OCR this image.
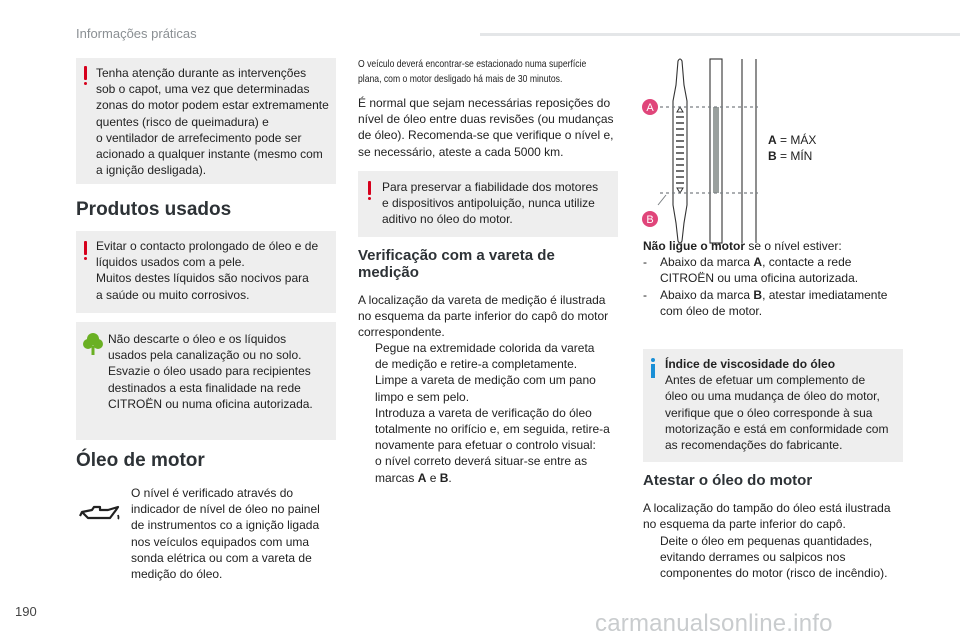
Informações práticas
190	carmanualsonline.info
Tenha atenção durante as intervenções
sob o capot, uma vez que determinadas
zonas do motor podem estar extremamente
quentes (risco de queimadura) e
o ventilador de arrefecimento pode ser
acionado a qualquer instante (mesmo com
a ignição desligada).
Produtos usados
Evitar o contacto prolongado de óleo e de
líquidos usados com a pele.
Muitos destes líquidos são nocivos para
a saúde ou muito corrosivos.
Não descarte o óleo e os líquidos
usados pela canalização ou no solo.
Esvazie o óleo usado para recipientes
destinados a esta finalidade na rede
CITROËN ou numa oficina autorizada.
Óleo de motor
O nível é verificado através do
indicador de nível de óleo no painel
de instrumentos co a ignição ligada
nos veículos equipados com uma
sonda elétrica ou com a vareta de
medição do óleo.
O veículo deverá encontrar-se estacionado numa superfície
plana, com o motor desligado há mais de 30 minutos.
É normal que sejam necessárias reposições do
nível de óleo entre duas revisões (ou mudanças
de óleo). Recomenda-se que verifique o nível e,
se necessário, ateste a cada 5000 km.
Para preservar a fiabilidade dos motores
e dispositivos antipoluição, nunca utilize
aditivo no óleo do motor.
Verificação com a vareta de
medição
A localização da vareta de medição é ilustrada
no esquema da parte inferior do capô do motor
correspondente.
Pegue na extremidade colorida da vareta
de medição e retire-a completamente.
Limpe a vareta de medição com um pano
limpo e sem pelo.
Introduza a vareta de verificação do óleo
totalmente no orifício e, em seguida, retire-a
novamente para efetuar o controlo visual:
o nível correto deverá situar-se entre as
marcas A e B.
A
B
A = MÁX
B = MÍN
Não ligue o motor se o nível estiver:
- Abaixo da marca A, contacte a rede
CITROËN ou uma oficina autorizada.
- Abaixo da marca B, atestar imediatamente
com óleo de motor.
Índice de viscosidade do óleo
Antes de efetuar um complemento de
óleo ou uma mudança de óleo do motor,
verifique que o óleo corresponde à sua
motorização e está em conformidade com
as recomendações do fabricante.
Atestar o óleo do motor
A localização do tampão do óleo está ilustrada
no esquema da parte inferior do capô.
Deite o óleo em pequenas quantidades,
evitando derrames ou salpicos nos
componentes do motor (risco de incêndio).
